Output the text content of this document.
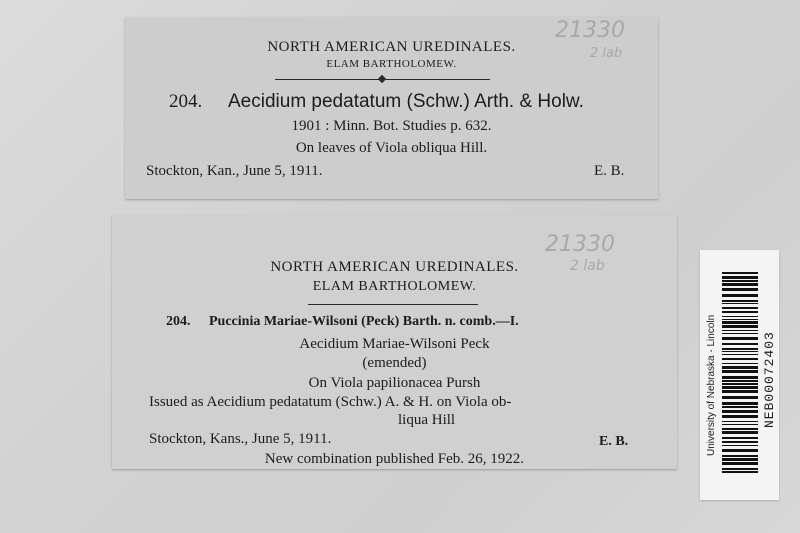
NORTH AMERICAN UREDINALES.
ELAM BARTHOLOMEW.
204. Aecidium pedatatum (Schw.) Arth. & Holw.
1901 : Minn. Bot. Studies p. 632.
On leaves of Viola obliqua Hill.
Stockton, Kan., June 5, 1911.	E. B.
21330
2 lab
NORTH AMERICAN UREDINALES.
ELAM BARTHOLOMEW.
204. Puccinia Mariae-Wilsoni (Peck) Barth. n. comb.—I.
Aecidium Mariae-Wilsoni Peck
(emended)
On Viola papilionacea Pursh
Issued as Aecidium pedatatum (Schw.) A. & H. on Viola ob-
liqua Hill
Stockton, Kans., June 5, 1911.	E. B.
New combination published Feb. 26, 1922.
21330
2 lab
University of Nebraska - Lincoln	NEB00072403
